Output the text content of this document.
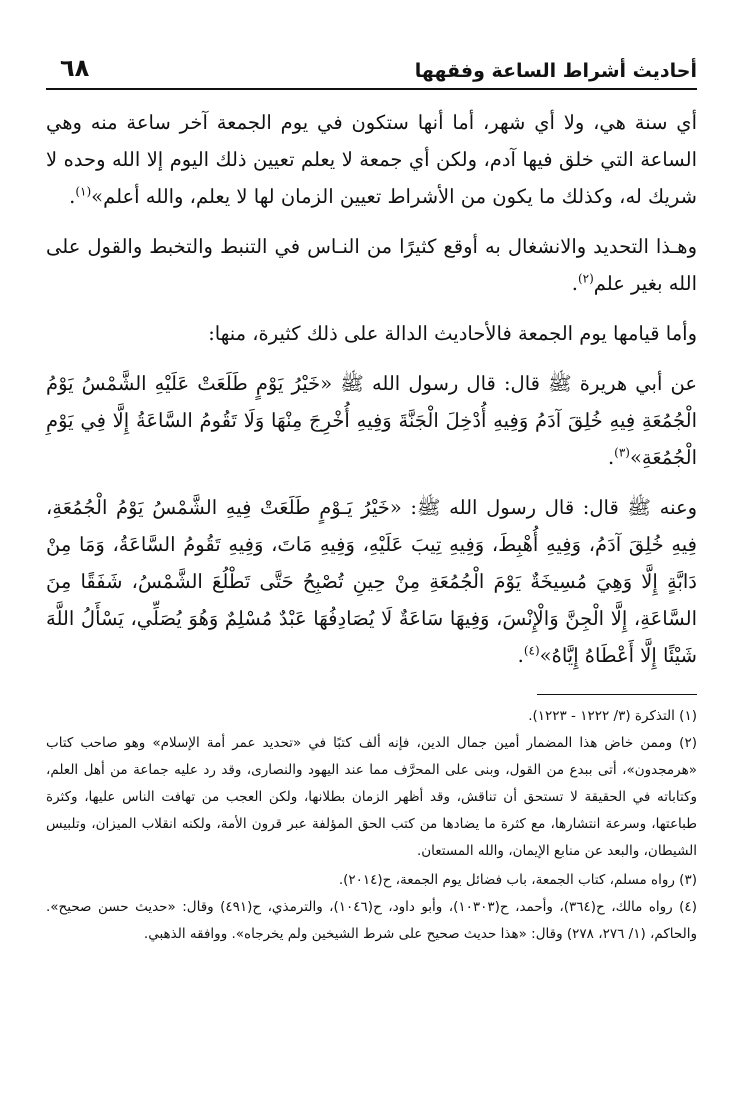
أحاديث أشراط الساعة وفقهها
٦٨

أي سنة هي، ولا أي شهر، أما أنها ستكون في يوم الجمعة آخر ساعة منه وهي الساعة التي خلق فيها آدم، ولكن أي جمعة لا يعلم تعيين ذلك اليوم إلا الله وحده لا شريك له، وكذلك ما يكون من الأشراط تعيين الزمان لها لا يعلم، والله أعلم»$^{(١)}$.

وهـذا التحديد والانشغال به أوقع كثيرًا من النـاس في التنبط والتخبط والقول على الله بغير علم$^{(٢)}$.

وأما قيامها يوم الجمعة فالأحاديث الدالة على ذلك كثيرة، منها:

عن أبي هريرة ﷺ قال: قال رسول الله ﷺ «خَيْرُ يَوْمٍ طَلَعَتْ عَلَيْهِ الشَّمْسُ يَوْمُ الْجُمُعَةِ فِيهِ خُلِقَ آدَمُ وَفِيهِ أُدْخِلَ الْجَنَّةَ وَفِيهِ أُخْرِجَ مِنْهَا وَلَا تَقُومُ السَّاعَةُ إِلَّا فِي يَوْمِ الْجُمُعَةِ»$^{(٣)}$.

وعنه ﷺ قال: قال رسول الله ﷺ: «خَيْرُ يَـوْمٍ طَلَعَتْ فِيهِ الشَّمْسُ يَوْمُ الْجُمُعَةِ، فِيهِ خُلِقَ آدَمُ، وَفِيهِ أُهْبِطَ، وَفِيهِ تِيبَ عَلَيْهِ، وَفِيهِ مَاتَ، وَفِيهِ تَقُومُ السَّاعَةُ، وَمَا مِنْ دَابَّةٍ إِلَّا وَهِيَ مُسِيخَةٌ يَوْمَ الْجُمُعَةِ مِنْ حِينِ تُصْبِحُ حَتَّى تَطْلُعَ الشَّمْسُ، شَفَقًا مِنَ السَّاعَةِ، إِلَّا الْجِنَّ وَالْإِنْسَ، وَفِيهَا سَاعَةٌ لَا يُصَادِفُهَا عَبْدٌ مُسْلِمٌ وَهُوَ يُصَلِّي، يَسْأَلُ اللَّهَ شَيْئًا إِلَّا أَعْطَاهُ إِيَّاهُ»$^{(٤)}$.

(١) التذكرة (٣/ ١٢٢٢ - ١٢٢٣).

(٢) وممن خاض هذا المضمار أمين جمال الدين، فإنه ألف كتبًا في «تحديد عمر أمة الإسلام» وهو صاحب كتاب «هرمجدون»، أتى ببدع من القول، وبنى على المحرَّف مما عند اليهود والنصارى، وقد رد عليه جماعة من أهل العلم، وكتاباته في الحقيقة لا تستحق أن تناقش، وقد أظهر الزمان بطلانها، ولكن العجب من تهافت الناس عليها، وكثرة طباعتها، وسرعة انتشارها، مع كثرة ما يضادها من كتب الحق المؤلفة عبر قرون الأمة، ولكنه انقلاب الميزان، وتلبيس الشيطان، والبعد عن منابع الإيمان، والله المستعان.

(٣) رواه مسلم، كتاب الجمعة، باب فضائل يوم الجمعة، ح(٢٠١٤).

(٤) رواه مالك، ح(٣٦٤)، وأحمد، ح(١٠٣٠٣)، وأبو داود، ح(١٠٤٦)، والترمذي، ح(٤٩١) وقال: «حديث حسن صحيح». والحاكم، (١/ ٢٧٦، ٢٧٨) وقال: «هذا حديث صحيح على شرط الشيخين ولم يخرجاه». ووافقه الذهبي.
